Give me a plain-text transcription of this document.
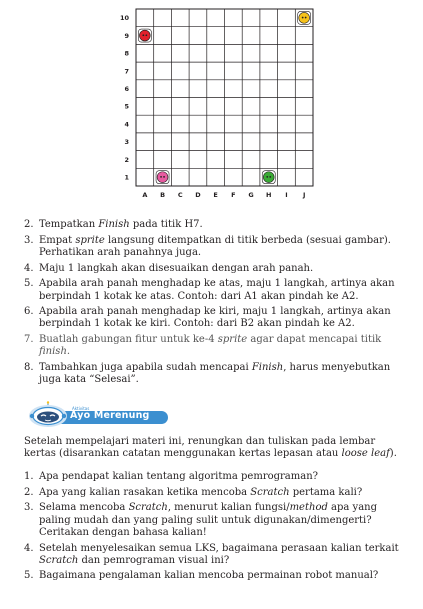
A B C D E F G H I J
1
2
3
4
5
6
7
8
9
10
2. Tempatkan Finish pada titik H7.
3. Empat sprite langsung ditempatkan di titik berbeda (sesuai gambar). Perhatikan arah panahnya juga.
4. Maju 1 langkah akan disesuaikan dengan arah panah.
5. Apabila arah panah menghadap ke atas, maju 1 langkah, artinya akan berpindah 1 kotak ke atas. Contoh: dari A1 akan pindah ke A2.
6. Apabila arah panah menghadap ke kiri, maju 1 langkah, artinya akan berpindah 1 kotak ke kiri. Contoh: dari B2 akan pindah ke A2.
7. Buatlah gabungan fitur untuk ke-4 sprite agar dapat mencapai titik finish.
8. Tambahkan juga apabila sudah mencapai Finish, harus menyebutkan juga kata “Selesai”.
Aktivitas
Ayo Merenung

Setelah mempelajari materi ini, renungkan dan tuliskan pada lembar kertas (disarankan catatan menggunakan kertas lepasan atau loose leaf).

1. Apa pendapat kalian tentang algoritma pemrograman?
2. Apa yang kalian rasakan ketika mencoba Scratch pertama kali?
3. Selama mencoba Scratch, menurut kalian fungsi/method apa yang paling mudah dan yang paling sulit untuk digunakan/dimengerti? Ceritakan dengan bahasa kalian!
4. Setelah menyelesaikan semua LKS, bagaimana perasaan kalian terkait Scratch dan pemrograman visual ini?
5. Bagaimana pengalaman kalian mencoba permainan robot manual?
